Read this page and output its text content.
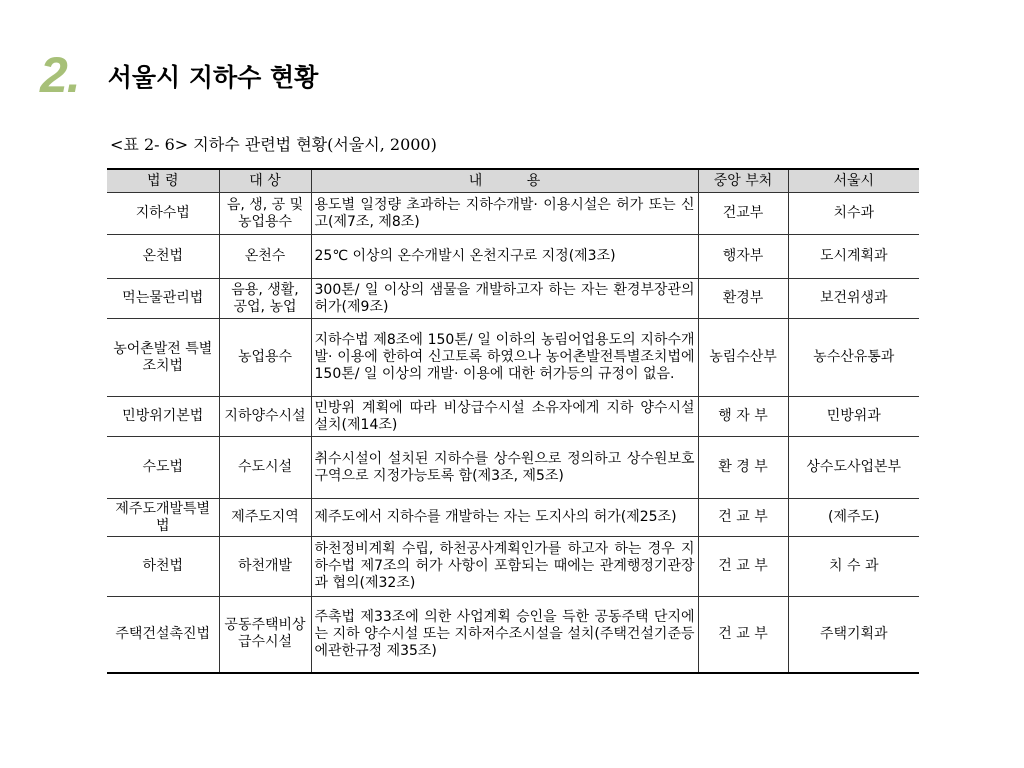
2. 서울시 지하수 현황
<표 2- 6> 지하수 관련법 현황(서울시, 2000)
법 령	대 상	내          용	중앙 부처	서울시
지하수법	음, 생, 공 및 농업용수	용도별 일정량 초과하는 지하수개발· 이용시설은 허가 또는 신고(제7조, 제8조)	건교부	치수과
온천법	온천수	25℃ 이상의 온수개발시 온천지구로 지정(제3조)	행자부	도시계획과
먹는물관리법	음용, 생활, 공업, 농업	300톤/ 일 이상의 샘물을 개발하고자 하는 자는 환경부장관의 허가(제9조)	환경부	보건위생과
농어촌발전 특별조치법	농업용수	지하수법 제8조에 150톤/ 일 이하의 농림어업용도의 지하수개발· 이용에 한하여 신고토록 하였으나 농어촌발전특별조치법에 150톤/ 일 이상의 개발· 이용에 대한 허가등의 규정이 없음.	농림수산부	농수산유통과
민방위기본법	지하양수시설	민방위 계획에 따라 비상급수시설 소유자에게 지하 양수시설 설치(제14조)	행 자 부	민방위과
수도법	수도시설	취수시설이 설치된 지하수를 상수원으로 정의하고 상수원보호구역으로 지정가능토록 함(제3조, 제5조)	환 경 부	상수도사업본부
제주도개발특별법	제주도지역	제주도에서 지하수를 개발하는 자는 도지사의 허가(제25조)	건 교 부	(제주도)
하천법	하천개발	하천정비계획 수립, 하천공사계획인가를 하고자 하는 경우 지하수법 제7조의 허가 사항이 포함되는 때에는 관계행정기관장과 협의(제32조)	건 교 부	치 수 과
주택건설촉진법	공동주택비상급수시설	주촉법 제33조에 의한 사업계획 승인을 득한 공동주택 단지에는 지하 양수시설 또는 지하저수조시설을 설치(주택건설기준등에관한규정 제35조)	건 교 부	주택기획과
